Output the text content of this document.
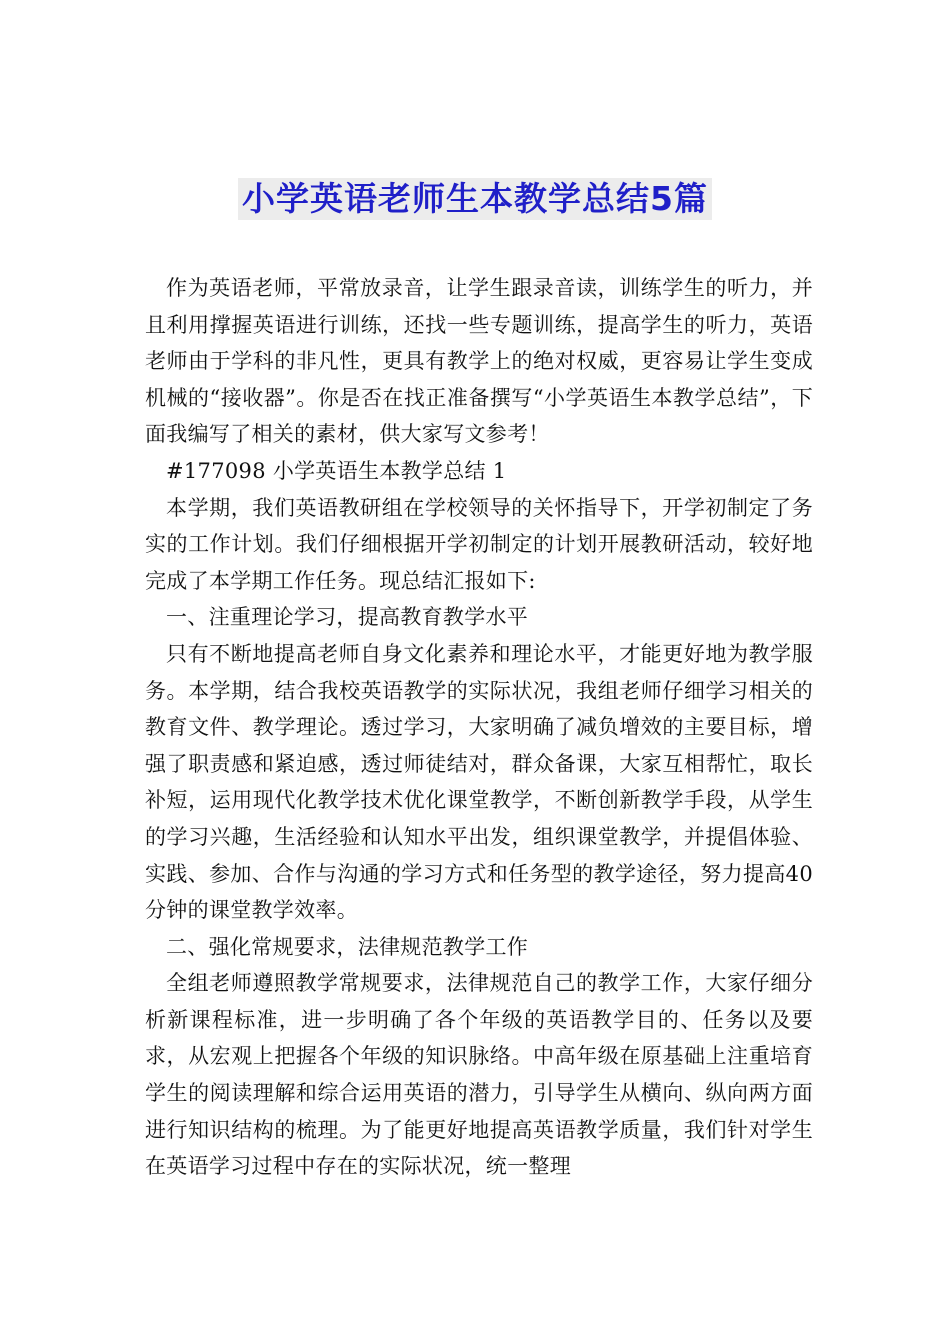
小学英语老师生本教学总结5篇

作为英语老师，平常放录音，让学生跟录音读，训练学生的听力，并且利用撑握英语进行训练，还找一些专题训练，提高学生的听力，英语老师由于学科的非凡性，更具有教学上的绝对权威，更容易让学生变成机械的“接收器”。你是否在找正准备撰写“小学英语生本教学总结”，下面我编写了相关的素材，供大家写文参考！

#177098 小学英语生本教学总结 1

本学期，我们英语教研组在学校领导的关怀指导下，开学初制定了务实的工作计划。我们仔细根据开学初制定的计划开展教研活动，较好地完成了本学期工作任务。现总结汇报如下:

一、注重理论学习，提高教育教学水平

只有不断地提高老师自身文化素养和理论水平，才能更好地为教学服务。本学期，结合我校英语教学的实际状况，我组老师仔细学习相关的教育文件、教学理论。透过学习，大家明确了减负增效的主要目标，增强了职责感和紧迫感，透过师徒结对，群众备课，大家互相帮忙，取长补短，运用现代化教学技术优化课堂教学，不断创新教学手段，从学生的学习兴趣，生活经验和认知水平出发，组织课堂教学，并提倡体验、实践、参加、合作与沟通的学习方式和任务型的教学途径，努力提高40分钟的课堂教学效率。

二、强化常规要求，法律规范教学工作

全组老师遵照教学常规要求，法律规范自己的教学工作，大家仔细分析新课程标准，进一步明确了各个年级的英语教学目的、任务以及要求，从宏观上把握各个年级的知识脉络。中高年级在原基础上注重培育学生的阅读理解和综合运用英语的潜力，引导学生从横向、纵向两方面进行知识结构的梳理。为了能更好地提高英语教学质量，我们针对学生在英语学习过程中存在的实际状况，统一整理
